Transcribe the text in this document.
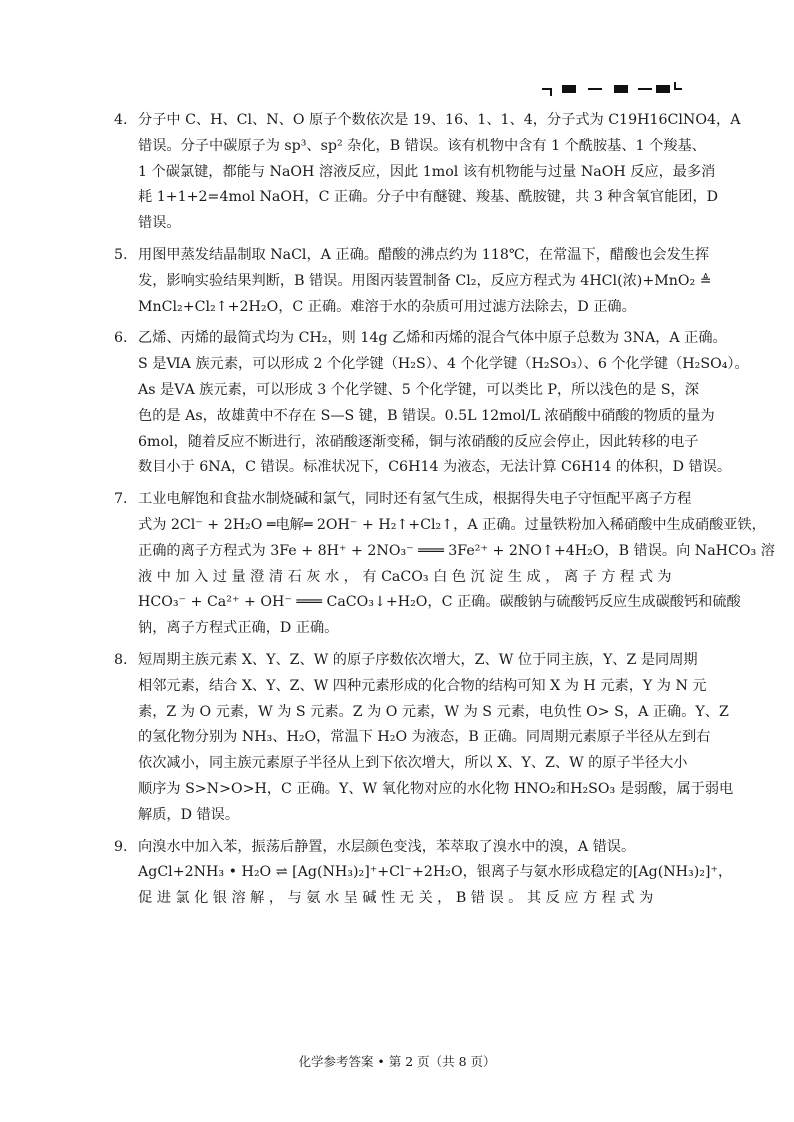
4. 分子中 C、H、Cl、N、O 原子个数依次是 19、16、1、1、4，分子式为 C19H16ClNO4，A
错误。分子中碳原子为 sp³、sp² 杂化，B 错误。该有机物中含有 1 个酰胺基、1 个羧基、
1 个碳氯键，都能与 NaOH 溶液反应，因此 1mol 该有机物能与过量 NaOH 反应，最多消
耗 1+1+2=4mol NaOH，C 正确。分子中有醚键、羧基、酰胺键，共 3 种含氧官能团，D
错误。
5. 用图甲蒸发结晶制取 NaCl，A 正确。醋酸的沸点约为 118℃，在常温下，醋酸也会发生挥
发，影响实验结果判断，B 错误。用图丙装置制备 Cl₂，反应方程式为 4HCl(浓)+MnO₂ ≜
MnCl₂+Cl₂↑+2H₂O，C 正确。难溶于水的杂质可用过滤方法除去，D 正确。
6. 乙烯、丙烯的最简式均为 CH₂，则 14g 乙烯和丙烯的混合气体中原子总数为 3NA，A 正确。
S 是ⅥA 族元素，可以形成 2 个化学键（H₂S）、4 个化学键（H₂SO₃）、6 个化学键（H₂SO₄）。
As 是ⅤA 族元素，可以形成 3 个化学键、5 个化学键，可以类比 P，所以浅色的是 S，深
色的是 As，故雄黄中不存在 S—S 键，B 错误。0.5L 12mol/L 浓硝酸中硝酸的物质的量为
6mol，随着反应不断进行，浓硝酸逐渐变稀，铜与浓硝酸的反应会停止，因此转移的电子
数目小于 6NA，C 错误。标准状况下，C6H14 为液态，无法计算 C6H14 的体积，D 错误。
7. 工业电解饱和食盐水制烧碱和氯气，同时还有氢气生成，根据得失电子守恒配平离子方程
式为 2Cl⁻ + 2H₂O ═电解═ 2OH⁻ + H₂↑+Cl₂↑，A 正确。过量铁粉加入稀硝酸中生成硝酸亚铁，
正确的离子方程式为 3Fe + 8H⁺ + 2NO₃⁻ ═══ 3Fe²⁺ + 2NO↑+4H₂O，B 错误。向 NaHCO₃ 溶
液 中 加 入 过 量 澄 清 石 灰 水 ， 有 CaCO₃ 白 色 沉 淀 生 成 ， 离 子 方 程 式 为
HCO₃⁻ + Ca²⁺ + OH⁻ ═══ CaCO₃↓+H₂O，C 正确。碳酸钠与硫酸钙反应生成碳酸钙和硫酸
钠，离子方程式正确，D 正确。
8. 短周期主族元素 X、Y、Z、W 的原子序数依次增大，Z、W 位于同主族，Y、Z 是同周期
相邻元素，结合 X、Y、Z、W 四种元素形成的化合物的结构可知 X 为 H 元素，Y 为 N 元
素，Z 为 O 元素，W 为 S 元素。Z 为 O 元素，W 为 S 元素，电负性 O> S，A 正确。Y、Z
的氢化物分别为 NH₃、H₂O，常温下 H₂O 为液态，B 正确。同周期元素原子半径从左到右
依次减小，同主族元素原子半径从上到下依次增大，所以 X、Y、Z、W 的原子半径大小
顺序为 S>N>O>H，C 正确。Y、W 氧化物对应的水化物 HNO₂和H₂SO₃ 是弱酸，属于弱电
解质，D 错误。
9. 向溴水中加入苯，振荡后静置，水层颜色变浅，苯萃取了溴水中的溴，A 错误。
AgCl+2NH₃ • H₂O ⇌ [Ag(NH₃)₂]⁺+Cl⁻+2H₂O，银离子与氨水形成稳定的[Ag(NH₃)₂]⁺，
促 进 氯 化 银 溶 解 ， 与 氨 水 呈 碱 性 无 关 ， B 错 误 。 其 反 应 方 程 式 为
化学参考答案 • 第 2 页（共 8 页）
